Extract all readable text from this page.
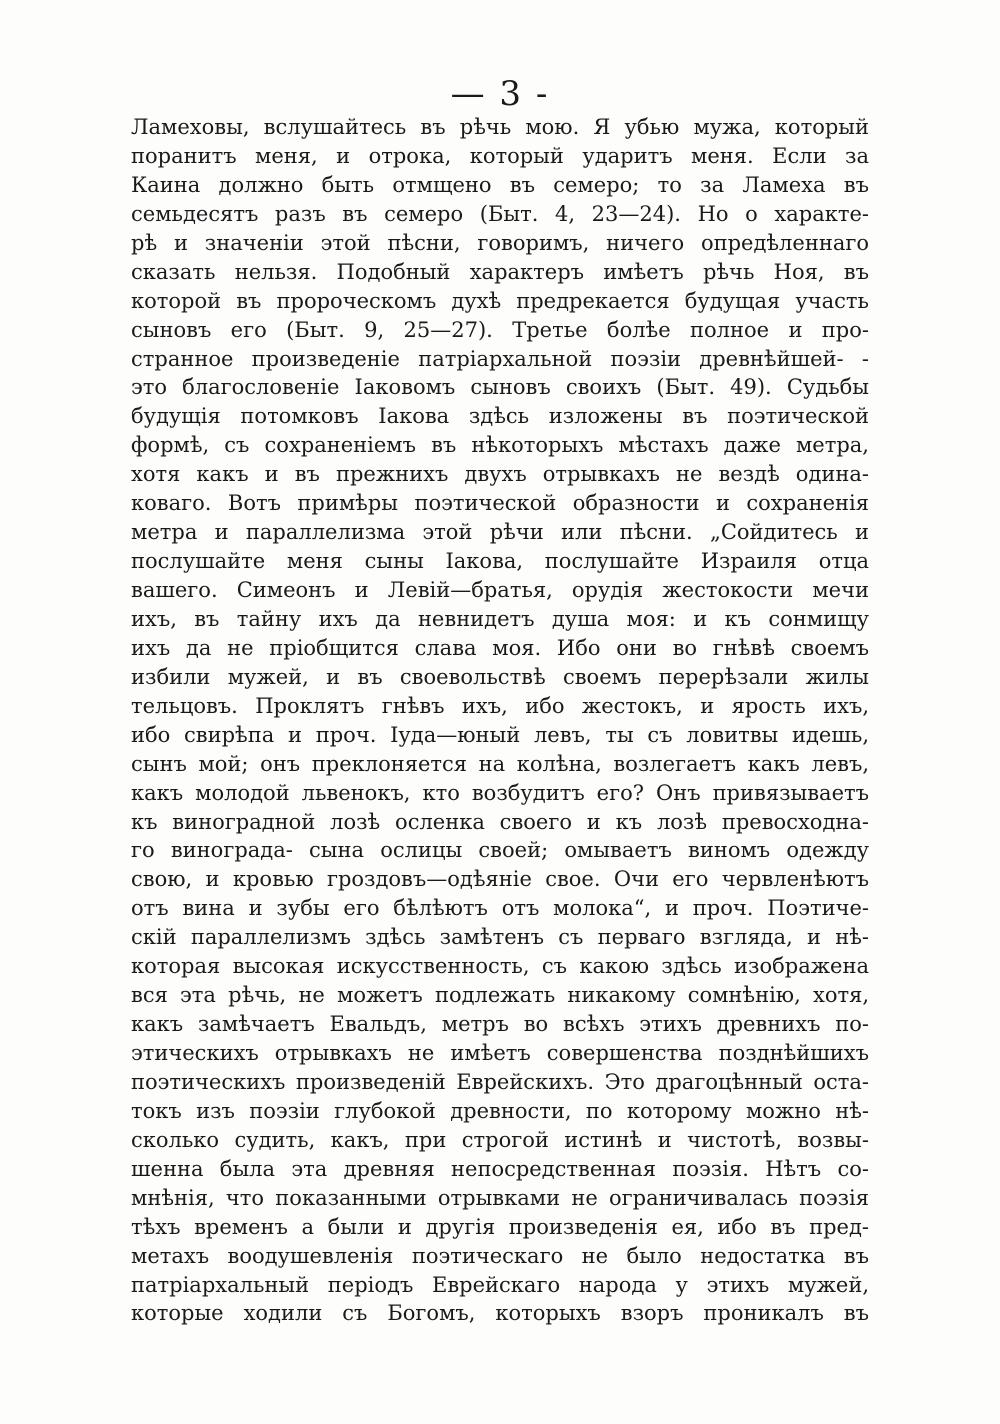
— 3 -
Ламеховы, вслушайтесь въ рѣчь мою. Я убью мужа, который
поранитъ меня, и отрока, который ударитъ меня. Если за
Каина должно быть отмщено въ семеро; то за Ламеха въ
семьдесятъ разъ въ семеро (Быт. 4, 23—24). Но о характе-
рѣ и значенiи этой пѣсни, говоримъ, ничего опредѣленнаго
сказать нельзя. Подобный характеръ имѣетъ рѣчь Ноя, въ
которой въ пророческомъ духѣ предрекается будущая участь
сыновъ его (Быт. 9, 25—27). Третье болѣе полное и про-
странное произведенiе патрiархальной поэзiи древнѣйшей- -
это благословенiе Iаковомъ сыновъ своихъ (Быт. 49). Судьбы
будущiя потомковъ Iакова здѣсь изложены въ поэтической
формѣ, съ сохраненiемъ въ нѣкоторыхъ мѣстахъ даже метра,
хотя какъ и въ прежнихъ двухъ отрывкахъ не вездѣ одина-
коваго. Вотъ примѣры поэтической образности и сохраненiя
метра и параллелизма этой рѣчи или пѣсни. „Сойдитесь и
послушайте меня сыны Iакова, послушайте Израиля отца
вашего. Симеонъ и Левiй—братья, орудiя жестокости мечи
ихъ, въ тайну ихъ да невнидетъ душа моя: и къ сонмищу
ихъ да не прiобщится слава моя. Ибо они во гнѣвѣ своемъ
избили мужей, и въ своевольствѣ своемъ перерѣзали жилы
тельцовъ. Проклятъ гнѣвъ ихъ, ибо жестокъ, и ярость ихъ,
ибо свирѣпа и проч. Iуда—юный левъ, ты съ ловитвы идешь,
сынъ мой; онъ преклоняется на колѣна, возлегаетъ какъ левъ,
какъ молодой львенокъ, кто возбудитъ его? Онъ привязываетъ
къ виноградной лозѣ осленка своего и къ лозѣ превосходна-
го винограда- сына ослицы своей; омываетъ виномъ одежду
свою, и кровью гроздовъ—одѣянiе свое. Очи его червленѣютъ
отъ вина и зубы его бѣлѣютъ отъ молока“, и проч. Поэтиче-
скiй параллелизмъ здѣсь замѣтенъ съ перваго взгляда, и нѣ-
которая высокая искусственность, съ какою здѣсь изображена
вся эта рѣчь, не можетъ подлежать никакому сомнѣнiю, хотя,
какъ замѣчаетъ Евальдъ, метръ во всѣхъ этихъ древнихъ по-
этическихъ отрывкахъ не имѣетъ совершенства позднѣйшихъ
поэтическихъ произведенiй Еврейскихъ. Это драгоцѣнный оста-
токъ изъ поэзiи глубокой древности, по которому можно нѣ-
сколько судить, какъ, при строгой истинѣ и чистотѣ, возвы-
шенна была эта древняя непосредственная поэзiя. Нѣтъ со-
мнѣнiя, что показанными отрывками не ограничивалась поэзiя
тѣхъ временъ а были и другiя произведенiя ея, ибо въ пред-
метахъ воодушевленiя поэтическаго не было недостатка въ
патрiархальный перiодъ Еврейскаго народа у этихъ мужей,
которые ходили съ Богомъ, которыхъ взоръ проникалъ въ
